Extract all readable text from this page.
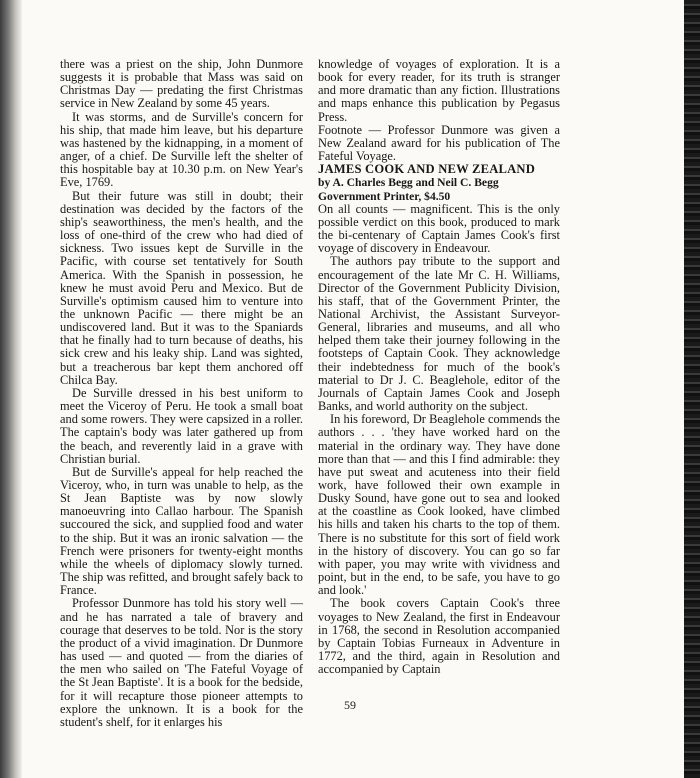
there was a priest on the ship, John Dunmore suggests it is probable that Mass was said on Christmas Day — predating the first Christmas service in New Zealand by some 45 years.

It was storms, and de Surville's concern for his ship, that made him leave, but his departure was hastened by the kidnapping, in a moment of anger, of a chief. De Surville left the shelter of this hospitable bay at 10.30 p.m. on New Year's Eve, 1769.

But their future was still in doubt; their destination was decided by the factors of the ship's seaworthiness, the men's health, and the loss of one-third of the crew who had died of sickness. Two issues kept de Surville in the Pacific, with course set tentatively for South America. With the Spanish in possession, he knew he must avoid Peru and Mexico. But de Surville's optimism caused him to venture into the unknown Pacific — there might be an undiscovered land. But it was to the Spaniards that he finally had to turn because of deaths, his sick crew and his leaky ship. Land was sighted, but a treacherous bar kept them anchored off Chilca Bay.

De Surville dressed in his best uniform to meet the Viceroy of Peru. He took a small boat and some rowers. They were capsized in a roller. The captain's body was later gathered up from the beach, and reverently laid in a grave with Christian burial.

But de Surville's appeal for help reached the Viceroy, who, in turn was unable to help, as the St Jean Baptiste was by now slowly manoeuvring into Callao harbour. The Spanish succoured the sick, and supplied food and water to the ship. But it was an ironic salvation — the French were prisoners for twenty-eight months while the wheels of diplomacy slowly turned. The ship was refitted, and brought safely back to France.

Professor Dunmore has told his story well — and he has narrated a tale of bravery and courage that deserves to be told. Nor is the story the product of a vivid imagination. Dr Dunmore has used — and quoted — from the diaries of the men who sailed on 'The Fateful Voyage of the St Jean Baptiste'. It is a book for the bedside, for it will recapture those pioneer attempts to explore the unknown. It is a book for the student's shelf, for it enlarges his

knowledge of voyages of exploration. It is a book for every reader, for its truth is stranger and more dramatic than any fiction. Illustrations and maps enhance this publication by Pegasus Press.

Footnote — Professor Dunmore was given a New Zealand award for his publication of The Fateful Voyage.

JAMES COOK AND NEW ZEALAND

by A. Charles Begg and Neil C. Begg

Government Printer, $4.50

On all counts — magnificent. This is the only possible verdict on this book, produced to mark the bi-centenary of Captain James Cook's first voyage of discovery in Endeavour.

The authors pay tribute to the support and encouragement of the late Mr C. H. Williams, Director of the Government Publicity Division, his staff, that of the Government Printer, the National Archivist, the Assistant Surveyor-General, libraries and museums, and all who helped them take their journey following in the footsteps of Captain Cook. They acknowledge their indebtedness for much of the book's material to Dr J. C. Beaglehole, editor of the Journals of Captain James Cook and Joseph Banks, and world authority on the subject.

In his foreword, Dr Beaglehole commends the authors . . . 'they have worked hard on the material in the ordinary way. They have done more than that — and this I find admirable: they have put sweat and acuteness into their field work, have followed their own example in Dusky Sound, have gone out to sea and looked at the coastline as Cook looked, have climbed his hills and taken his charts to the top of them. There is no substitute for this sort of field work in the history of discovery. You can go so far with paper, you may write with vividness and point, but in the end, to be safe, you have to go and look.'

The book covers Captain Cook's three voyages to New Zealand, the first in Endeavour in 1768, the second in Resolution accompanied by Captain Tobias Furneaux in Adventure in 1772, and the third, again in Resolution and accompanied by Captain

59
